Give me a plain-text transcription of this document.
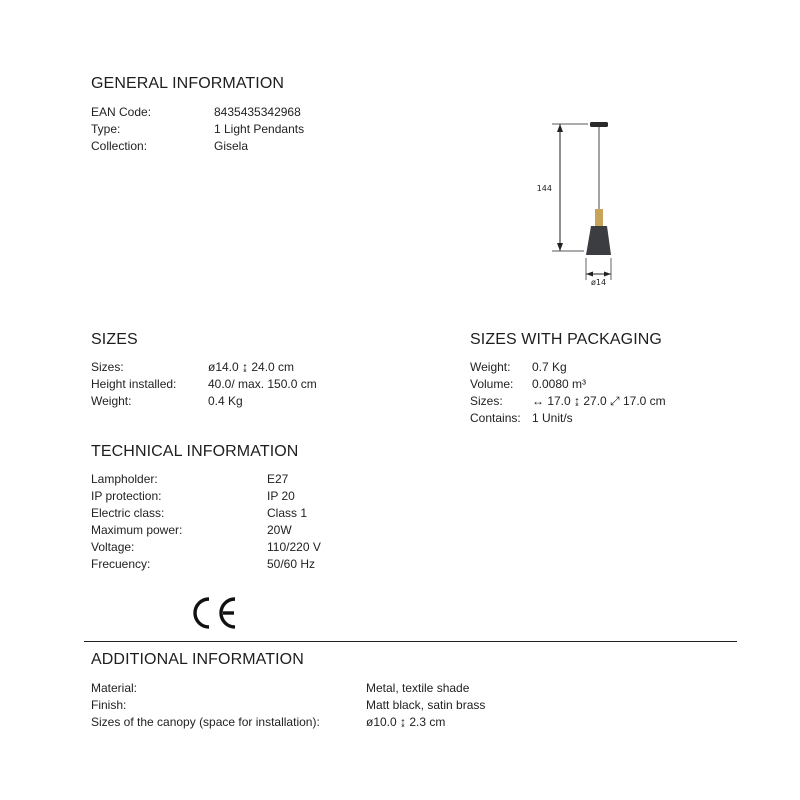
GENERAL INFORMATION
EAN Code:	8435435342968
Type:	1 Light Pendants
Collection:	Gisela
144
ø14
SIZES
Sizes:	ø14.0 ↨ 24.0 cm
Height installed:	40.0/ max. 150.0 cm
Weight:	0.4 Kg
SIZES WITH PACKAGING
Weight: 0.7 Kg
Volume: 0.0080 m³
Sizes: ↔ 17.0 ↨ 27.0 ⤢ 17.0 cm
Contains: 1 Unit/s
TECHNICAL INFORMATION
Lampholder:	E27
IP protection:	IP 20
Electric class:	Class 1
Maximum power:	20W
Voltage:	110/220 V
Frecuency:	50/60 Hz
ADDITIONAL INFORMATION
Material:	Metal, textile shade
Finish:	Matt black, satin brass
Sizes of the canopy (space for installation):	ø10.0 ↨ 2.3 cm
